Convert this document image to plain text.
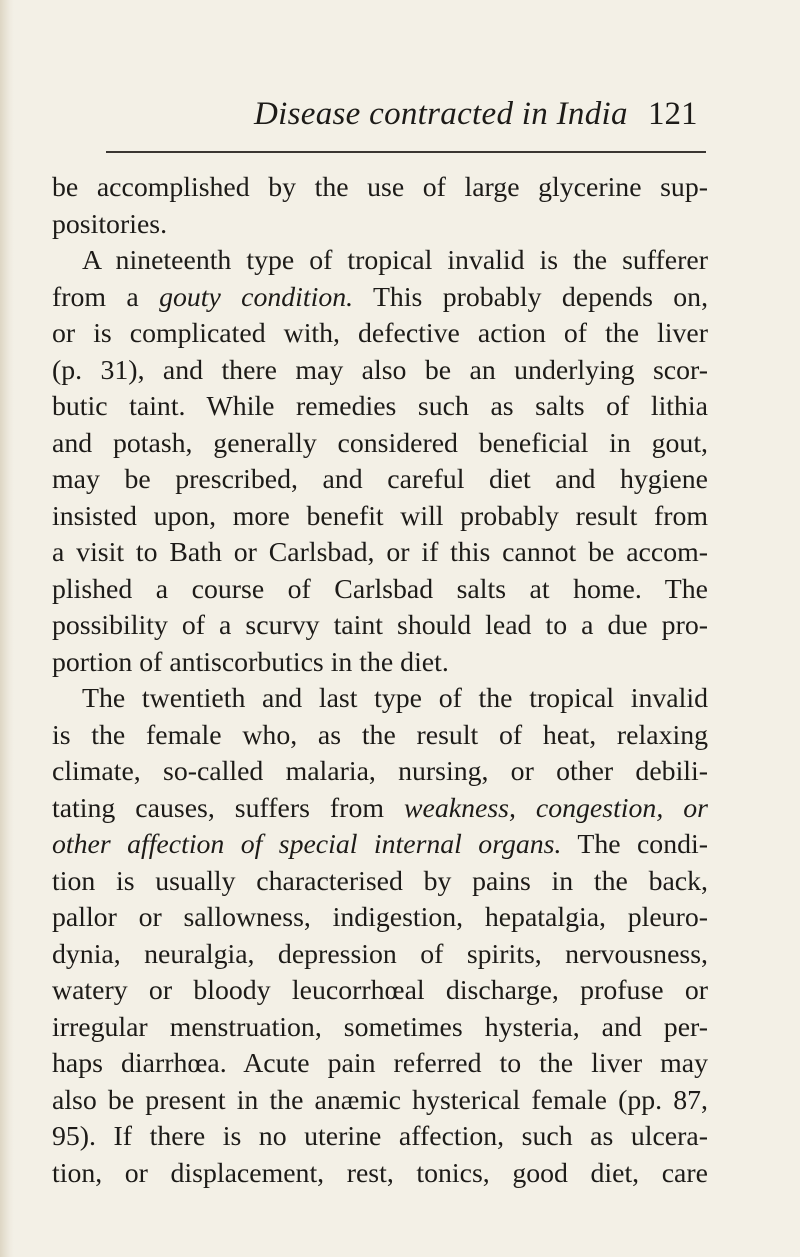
Disease contracted in India 121
be accomplished by the use of large glycerine sup-
positories.
A nineteenth type of tropical invalid is the sufferer
from a gouty condition. This probably depends on,
or is complicated with, defective action of the liver
(p. 31), and there may also be an underlying scor-
butic taint. While remedies such as salts of lithia
and potash, generally considered beneficial in gout,
may be prescribed, and careful diet and hygiene
insisted upon, more benefit will probably result from
a visit to Bath or Carlsbad, or if this cannot be accom-
plished a course of Carlsbad salts at home. The
possibility of a scurvy taint should lead to a due pro-
portion of antiscorbutics in the diet.
The twentieth and last type of the tropical invalid
is the female who, as the result of heat, relaxing
climate, so-called malaria, nursing, or other debili-
tating causes, suffers from weakness, congestion, or
other affection of special internal organs. The condi-
tion is usually characterised by pains in the back,
pallor or sallowness, indigestion, hepatalgia, pleuro-
dynia, neuralgia, depression of spirits, nervousness,
watery or bloody leucorrhœal discharge, profuse or
irregular menstruation, sometimes hysteria, and per-
haps diarrhœa. Acute pain referred to the liver may
also be present in the anæmic hysterical female (pp. 87,
95). If there is no uterine affection, such as ulcera-
tion, or displacement, rest, tonics, good diet, care
